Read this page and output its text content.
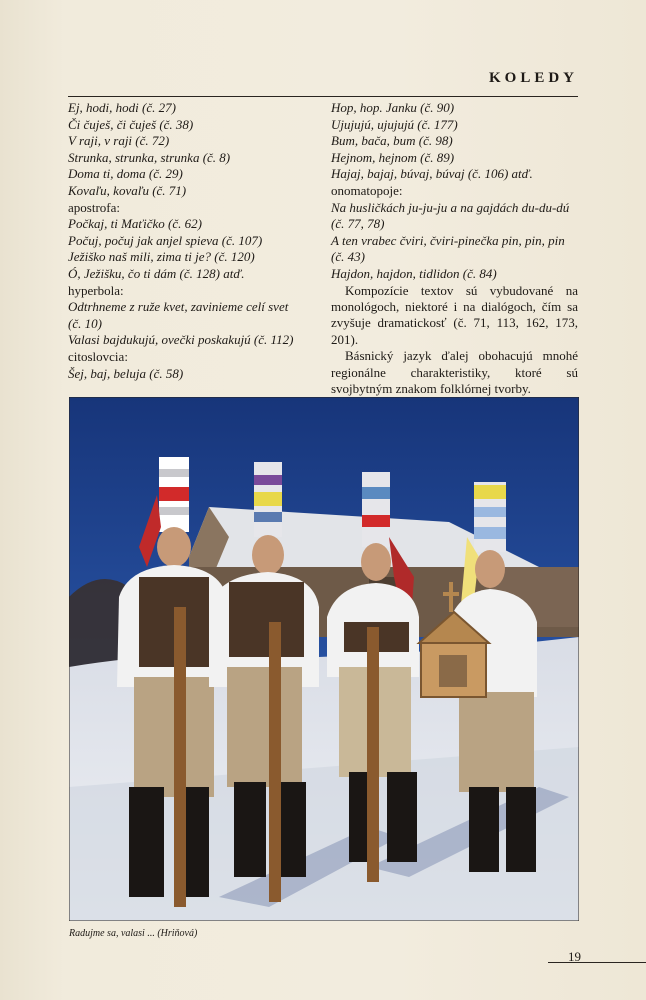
KOLEDY
Ej, hodi, hodi (č. 27)
Či čuješ, či čuješ (č. 38)
V raji, v raji (č. 72)
Strunka, strunka, strunka (č. 8)
Doma ti, doma (č. 29)
Kovaľu, kovaľu (č. 71)
apostrofa:
Počkaj, ti Maťičko (č. 62)
Počuj, počuj jak anjel spieva (č. 107)
Ježiško naš mili, zima ti je? (č. 120)
Ó, Ježišku, čo ti dám (č. 128) atď.
hyperbola:
Odtrhneme z ruže kvet, zavinieme celí svet
(č. 10)
Valasi bajdukujú, ovečki poskakujú (č. 112)
citoslovcia:
Šej, baj, beluja (č. 58)
Hop, hop. Janku (č. 90)
Ujujujú, ujujujú (č. 177)
Bum, bača, bum (č. 98)
Hejnom, hejnom (č. 89)
Hajaj, bajaj, búvaj, búvaj (č. 106) atď.
onomatopoje:
Na husličkách ju-ju-ju a na gajdách du-du-dú
(č. 77, 78)
A ten vrabec čviri, čviri-pinečka pin, pin, pin
(č. 43)
Hajdon, hajdon, tidlidon (č. 84)
Kompozície textov sú vybudované na monológoch, niektoré i na dialógoch, čím sa zvyšuje dramatickosť (č. 71, 113, 162, 173, 201).
Básnický jazyk ďalej obohacujú mnohé regionálne charakteristiky, ktoré sú svojbytným znakom folklórnej tvorby.
Radujme sa, valasi ... (Hriňová)
19
